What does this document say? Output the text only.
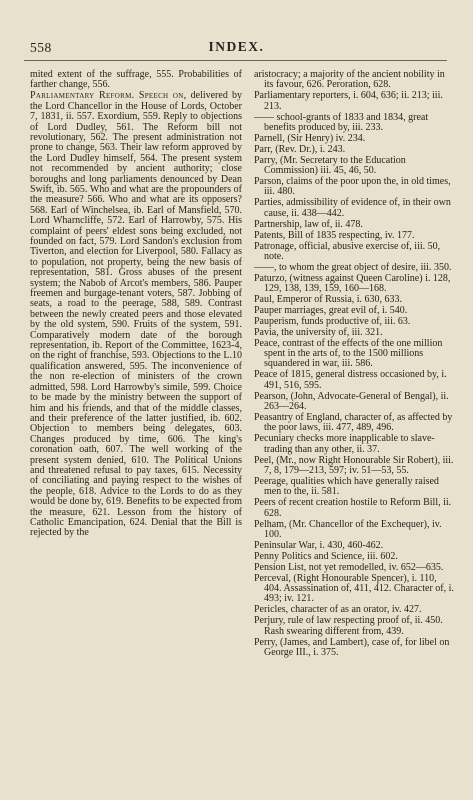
558	INDEX.

mited extent of the suffrage, 555. Probabilities of farther change, 556.

Parliamentary Reform. Speech on, delivered by the Lord Chancellor in the House of Lords, October 7, 1831, ii. 557. Exordium, 559. Reply to objections of Lord Dudley, 561. The Reform bill not revolutionary, 562. The present administration not prone to change, 563. Their law reform approved by the Lord Dudley himself, 564. The present system not recommended by ancient authority; close boroughs and long parliaments denounced by Dean Swift, ib. 565. Who and what are the propounders of the measure? 566. Who and what are its opposers? 568. Earl of Winchelsea, ib. Earl of Mansfield, 570. Lord Wharncliffe, 572. Earl of Harrowby, 575. His complaint of peers' eldest sons being excluded, not founded on fact, 579. Lord Sandon's exclusion from Tiverton, and election for Liverpool, 580. Fallacy as to population, not property, being the new basis of representation, 581. Gross abuses of the present system; the Nabob of Arcot's members, 586. Pauper freemen and burgage-tenant voters, 587. Jobbing of seats, a road to the peerage, 588, 589. Contrast between the newly created peers and those elevated by the old system, 590. Fruits of the system, 591. Comparatively modern date of the borough representation, ib. Report of the Committee, 1623-4, on the right of franchise, 593. Objections to the L.10 qualification answered, 595. The inconvenience of the non re-election of ministers of the crown admitted, 598. Lord Harrowby's simile, 599. Choice to be made by the ministry between the support of him and his friends, and that of the middle classes, and their preference of the latter justified, ib. 602. Objection to members being delegates, 603. Changes produced by time, 606. The king's coronation oath, 607. The well working of the present system denied, 610. The Political Unions and threatened refusal to pay taxes, 615. Necessity of conciliating and paying respect to the wishes of the people, 618. Advice to the Lords to do as they would be done by, 619. Benefits to be expected from the measure, 621. Lesson from the history of Catholic Emancipation, 624. Denial that the Bill is rejected by the

aristocracy; a majority of the ancient nobility in its favour, 626. Peroration, 628.

Parliamentary reporters, i. 604, 636; ii. 213; iii. 213.

—— school-grants of 1833 and 1834, great benefits produced by, iii. 233.

Parnell, (Sir Henry) iv. 234.

Parr, (Rev. Dr.), i. 243.

Parry, (Mr. Secretary to the Education Commission) iii. 45, 46, 50.

Parson, claims of the poor upon the, in old times, iii. 480.

Parties, admissibility of evidence of, in their own cause, ii. 438—442.

Partnership, law of, ii. 478.

Patents, Bill of 1835 respecting, iv. 177.

Patronage, official, abusive exercise of, iii. 50, note.

——, to whom the great object of desire, iii. 350.

Paturzo, (witness against Queen Caroline) i. 128, 129, 138, 139, 159, 160—168.

Paul, Emperor of Russia, i. 630, 633.

Pauper marriages, great evil of, i. 540.

Pauperism, funds productive of, iii. 63.

Pavia, the university of, iii. 321.

Peace, contrast of the effects of the one million spent in the arts of, to the 1500 millions squandered in war, iii. 586.

Peace of 1815, general distress occasioned by, i. 491, 516, 595.

Pearson, (John, Advocate-General of Bengal), ii. 263—264.

Peasantry of England, character of, as affected by the poor laws, iii. 477, 489, 496.

Pecuniary checks more inapplicable to slave-trading than any other, ii. 37.

Peel, (Mr., now Right Honourable Sir Robert), iii. 7, 8, 179—213, 597; iv. 51—53, 55.

Peerage, qualities which have generally raised men to the, ii. 581.

Peers of recent creation hostile to Reform Bill, ii. 628.

Pelham, (Mr. Chancellor of the Exchequer), iv. 100.

Peninsular War, i. 430, 460-462.

Penny Politics and Science, iii. 602.

Pension List, not yet remodelled, iv. 652—635.

Perceval, (Right Honourable Spencer), i. 110, 404. Assassination of, 411, 412. Character of, i. 493; iv. 121.

Pericles, character of as an orator, iv. 427.

Perjury, rule of law respecting proof of, ii. 450. Rash swearing different from, 439.

Perry, (James, and Lambert), case of, for libel on George III., i. 375.
